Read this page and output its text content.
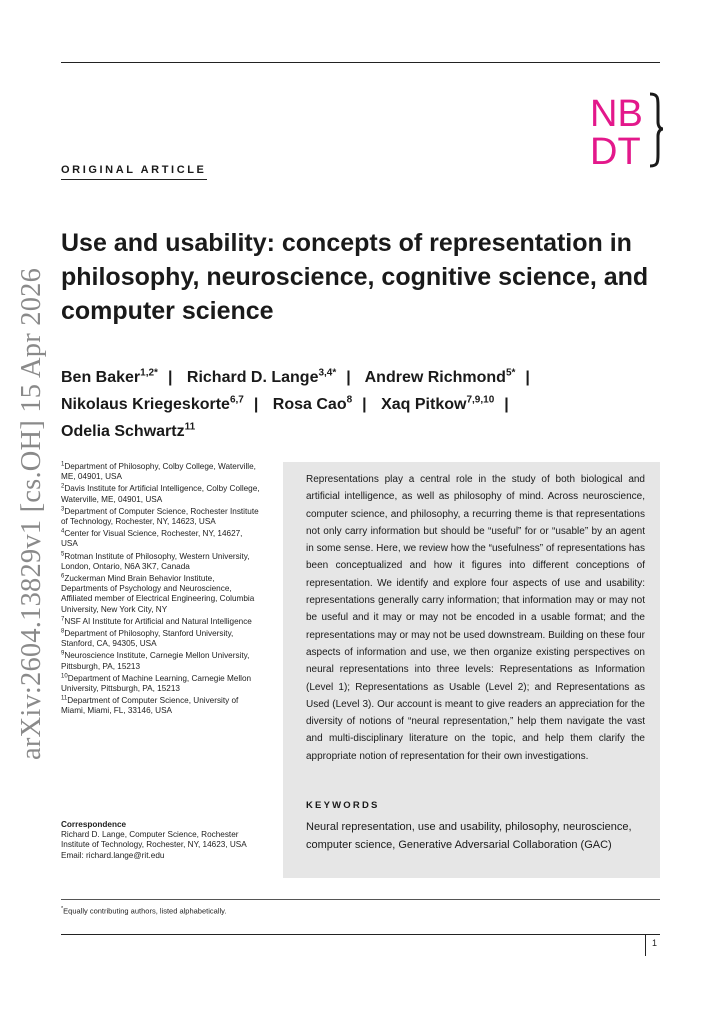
NB
DT
ORIGINAL ARTICLE
arXiv:2604.13829v1 [cs.OH] 15 Apr 2026
Use and usability: concepts of representation in philosophy, neuroscience, cognitive science, and computer science
Ben Baker$^{1,2*}$ | Richard D. Lange$^{3,4*}$ | Andrew Richmond$^{5*}$ |
Nikolaus Kriegeskorte$^{6,7}$ | Rosa Cao$^8$ | Xaq Pitkow$^{7,9,10}$ |
Odelia Schwartz$^{11}$
$^1$Department of Philosophy, Colby College, Waterville, ME, 04901, USA
$^2$Davis Institute for Artificial Intelligence, Colby College, Waterville, ME, 04901, USA
$^3$Department of Computer Science, Rochester Institute of Technology, Rochester, NY, 14623, USA
$^4$Center for Visual Science, Rochester, NY, 14627, USA
$^5$Rotman Institute of Philosophy, Western University, London, Ontario, N6A 3K7, Canada
$^6$Zuckerman Mind Brain Behavior Institute, Departments of Psychology and Neuroscience, Affiliated member of Electrical Engineering, Columbia University, New York City, NY
$^7$NSF AI Institute for Artificial and Natural Intelligence
$^8$Department of Philosophy, Stanford University, Stanford, CA, 94305, USA
$^9$Neuroscience Institute, Carnegie Mellon University, Pittsburgh, PA, 15213
$^{10}$Department of Machine Learning, Carnegie Mellon University, Pittsburgh, PA, 15213
$^{11}$Department of Computer Science, University of Miami, Miami, FL, 33146, USA
Correspondence
Richard D. Lange, Computer Science, Rochester Institute of Technology, Rochester, NY, 14623, USA
Email: richard.lange@rit.edu
Representations play a central role in the study of both biological and artificial intelligence, as well as philosophy of mind. Across neuroscience, computer science, and philosophy, a recurring theme is that representations not only carry information but should be “useful” for or “usable” by an agent in some sense. Here, we review how the “usefulness” of representations has been conceptualized and how it figures into different conceptions of representation. We identify and explore four aspects of use and usability: representations generally carry information; that information may or may not be useful and it may or may not be encoded in a usable format; and the representations may or may not be used downstream. Building on these four aspects of information and use, we then organize existing perspectives on neural representations into three levels: Representations as Information (Level 1); Representations as Usable (Level 2); and Representations as Used (Level 3). Our account is meant to give readers an appreciation for the diversity of notions of “neural representation,” help them navigate the vast and multi-disciplinary literature on the topic, and help them clarify the appropriate notion of representation for their own investigations.
KEYWORDS
Neural representation, use and usability, philosophy, neuroscience, computer science, Generative Adversarial Collaboration (GAC)
*Equally contributing authors, listed alphabetically.
1
